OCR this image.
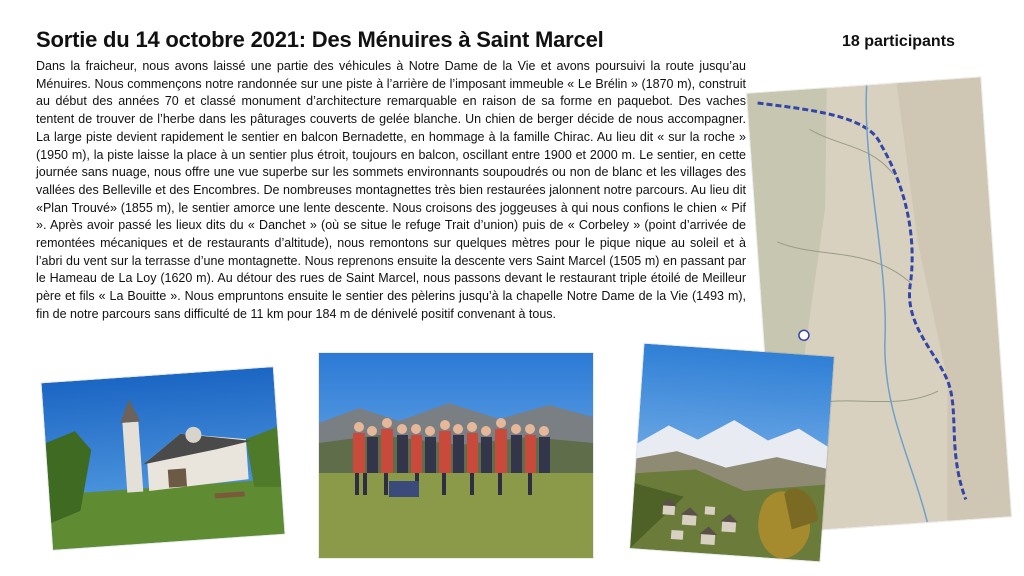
Sortie du 14 octobre 2021: Des Ménuires à Saint Marcel	18 participants
Dans la fraicheur, nous avons laissé une partie des véhicules à Notre Dame de la Vie et avons poursuivi la route jusqu’au Ménuires. Nous commençons notre randonnée sur une piste à l’arrière de l’imposant immeuble « Le Brélin » (1870 m), construit au début des années 70 et classé monument d’architecture remarquable en raison de sa forme en paquebot. Des vaches tentent de trouver de l’herbe dans les pâturages couverts de gelée blanche. Un chien de berger décide de nous accompagner. La large piste devient rapidement le sentier en balcon Bernadette, en hommage à la famille Chirac. Au lieu dit « sur la roche » (1950 m), la piste laisse la place à un sentier plus étroit, toujours en balcon, oscillant entre 1900 et 2000 m. Le sentier, en cette journée sans nuage, nous offre une vue superbe sur les sommets environnants soupoudrés ou non de blanc et les villages des vallées des Belleville et des Encombres. De nombreuses montagnettes très bien restaurées jalonnent notre parcours. Au lieu dit «Plan Trouvé» (1855 m), le sentier amorce une lente descente. Nous croisons des joggeuses à qui nous confions le chien « Pif ». Après avoir passé les lieux dits du « Danchet » (où se situe le refuge Trait d’union) puis de « Corbeley » (point d’arrivée de remontées mécaniques et de restaurants d’altitude), nous remontons sur quelques mètres pour le pique nique au soleil et à l’abri du vent sur la terrasse d’une montagnette. Nous reprenons ensuite la descente vers Saint Marcel (1505 m) en passant par le Hameau de La Loy (1620 m). Au détour des rues de Saint Marcel, nous passons devant le restaurant triple étoilé de Meilleur père et fils « La Bouitte ». Nous empruntons ensuite le sentier des pèlerins jusqu’à la chapelle Notre Dame de la Vie (1493 m), fin de notre parcours sans difficulté de 11 km pour 184 m de dénivelé positif convenant à tous.
